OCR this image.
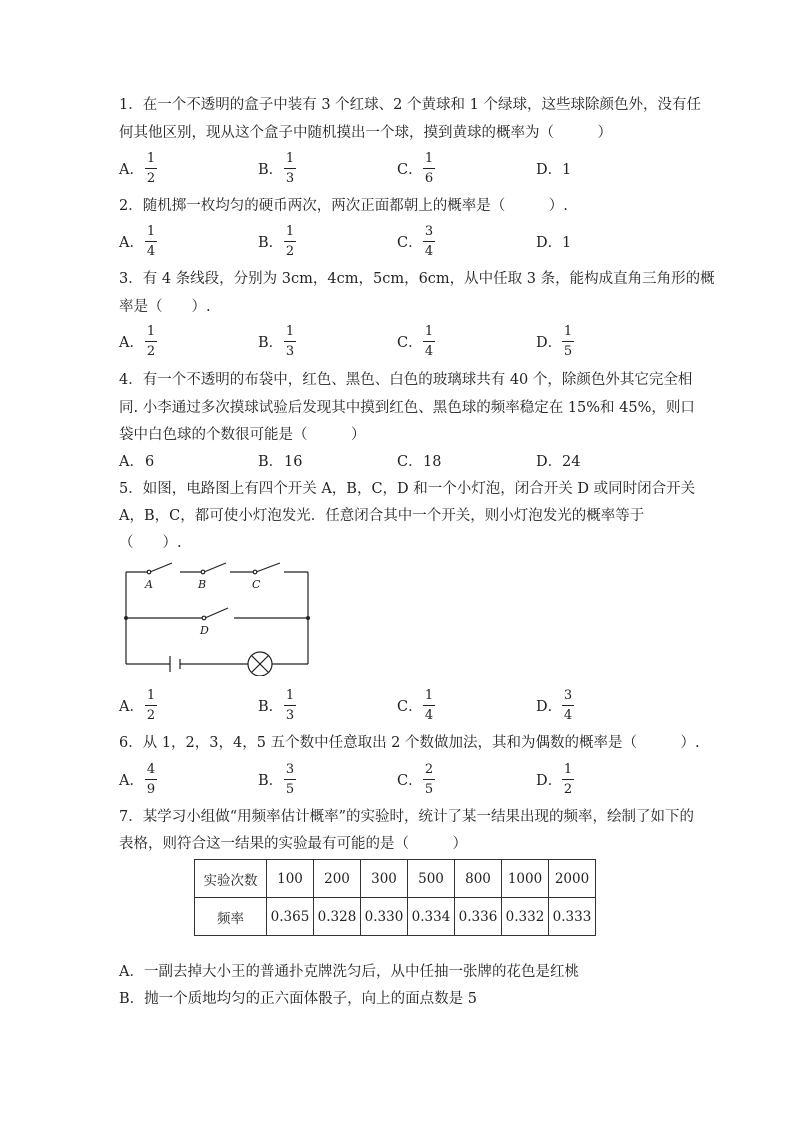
1．在一个不透明的盒子中装有 3 个红球、2 个黄球和 1 个绿球，这些球除颜色外，没有任
何其他区别，现从这个盒子中随机摸出一个球，摸到黄球的概率为（　　　）
A．
1
2
B．
1
3
C．
1
6
D． 1
2．随机掷一枚均匀的硬币两次，两次正面都朝上的概率是（　　　）.
A．
1
4
B．
1
2
C．
3
4
D． 1
3．有 4 条线段，分别为 3cm，4cm，5cm，6cm，从中任取 3 条，能构成直角三角形的概
率是（　　）.
A．
1
2
B．
1
3
C．
1
4
D．
1
5
4．有一个不透明的布袋中，红色、黑色、白色的玻璃球共有 40 个，除颜色外其它完全相
同. 小李通过多次摸球试验后发现其中摸到红色、黑色球的频率稳定在 15%和 45%，则口
袋中白色球的个数很可能是（　　　）
A． 6	B． 16	C． 18	D． 24
5．如图，电路图上有四个开关 A，B，C，D 和一个小灯泡，闭合开关 D 或同时闭合开关
A，B，C，都可使小灯泡发光．任意闭合其中一个开关，则小灯泡发光的概率等于
（　　）.
A	B	C
D
A．
1
2
B．
1
3
C．
1
4
D．
3
4
6．从 1，2，3，4，5 五个数中任意取出 2 个数做加法，其和为偶数的概率是（　　　）.
A．
4
9
B．
3
5
C．
2
5
D．
1
2
7．某学习小组做“用频率估计概率”的实验时，统计了某一结果出现的频率，绘制了如下的
表格，则符合这一结果的实验最有可能的是（　　　）
实验次数	100	200	300	500	800	1000	2000
频率	0.365	0.328	0.330	0.334	0.336	0.332	0.333
A．一副去掉大小王的普通扑克牌洗匀后，从中任抽一张牌的花色是红桃
B．抛一个质地均匀的正六面体骰子，向上的面点数是 5
